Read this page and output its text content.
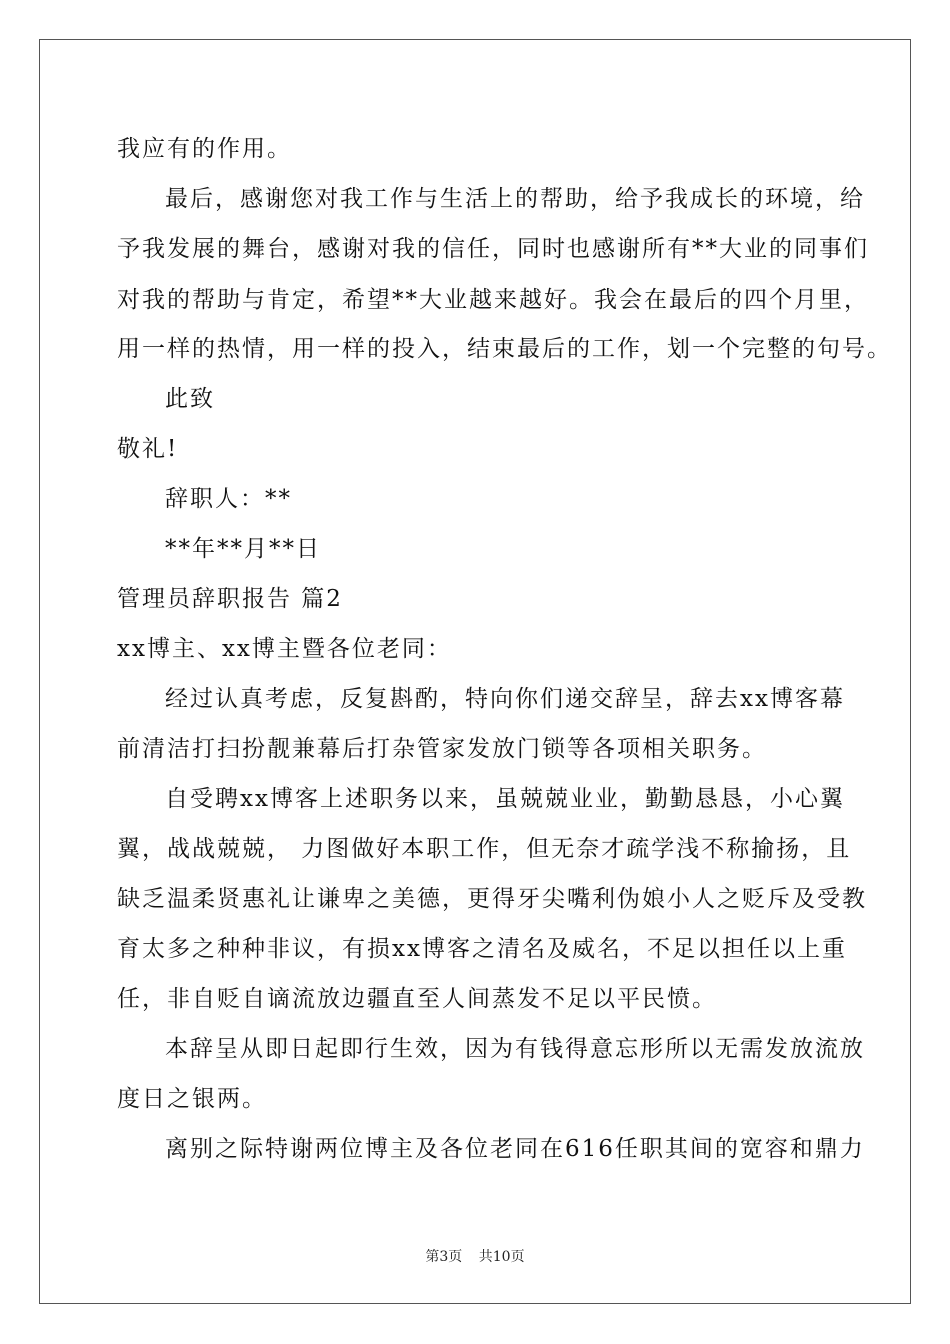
我应有的作用。
最后，感谢您对我工作与生活上的帮助，给予我成长的环境，给
予我发展的舞台，感谢对我的信任，同时也感谢所有**大业的同事们
对我的帮助与肯定，希望**大业越来越好。我会在最后的四个月里，
用一样的热情，用一样的投入，结束最后的工作，划一个完整的句号。
此致
敬礼!
辞职人：**
**年**月**日
管理员辞职报告 篇2
xx博主、xx博主暨各位老同：
经过认真考虑，反复斟酌，特向你们递交辞呈，辞去xx博客幕
前清洁打扫扮靓兼幕后打杂管家发放门锁等各项相关职务。
自受聘xx博客上述职务以来，虽兢兢业业，勤勤恳恳，小心翼
翼，战战兢兢， 力图做好本职工作，但无奈才疏学浅不称揄扬，且
缺乏温柔贤惠礼让谦卑之美德，更得牙尖嘴利伪娘小人之贬斥及受教
育太多之种种非议，有损xx博客之清名及威名，不足以担任以上重
任，非自贬自谪流放边疆直至人间蒸发不足以平民愤。
本辞呈从即日起即行生效，因为有钱得意忘形所以无需发放流放
度日之银两。
离别之际特谢两位博主及各位老同在616任职其间的宽容和鼎力
第3页 共10页
